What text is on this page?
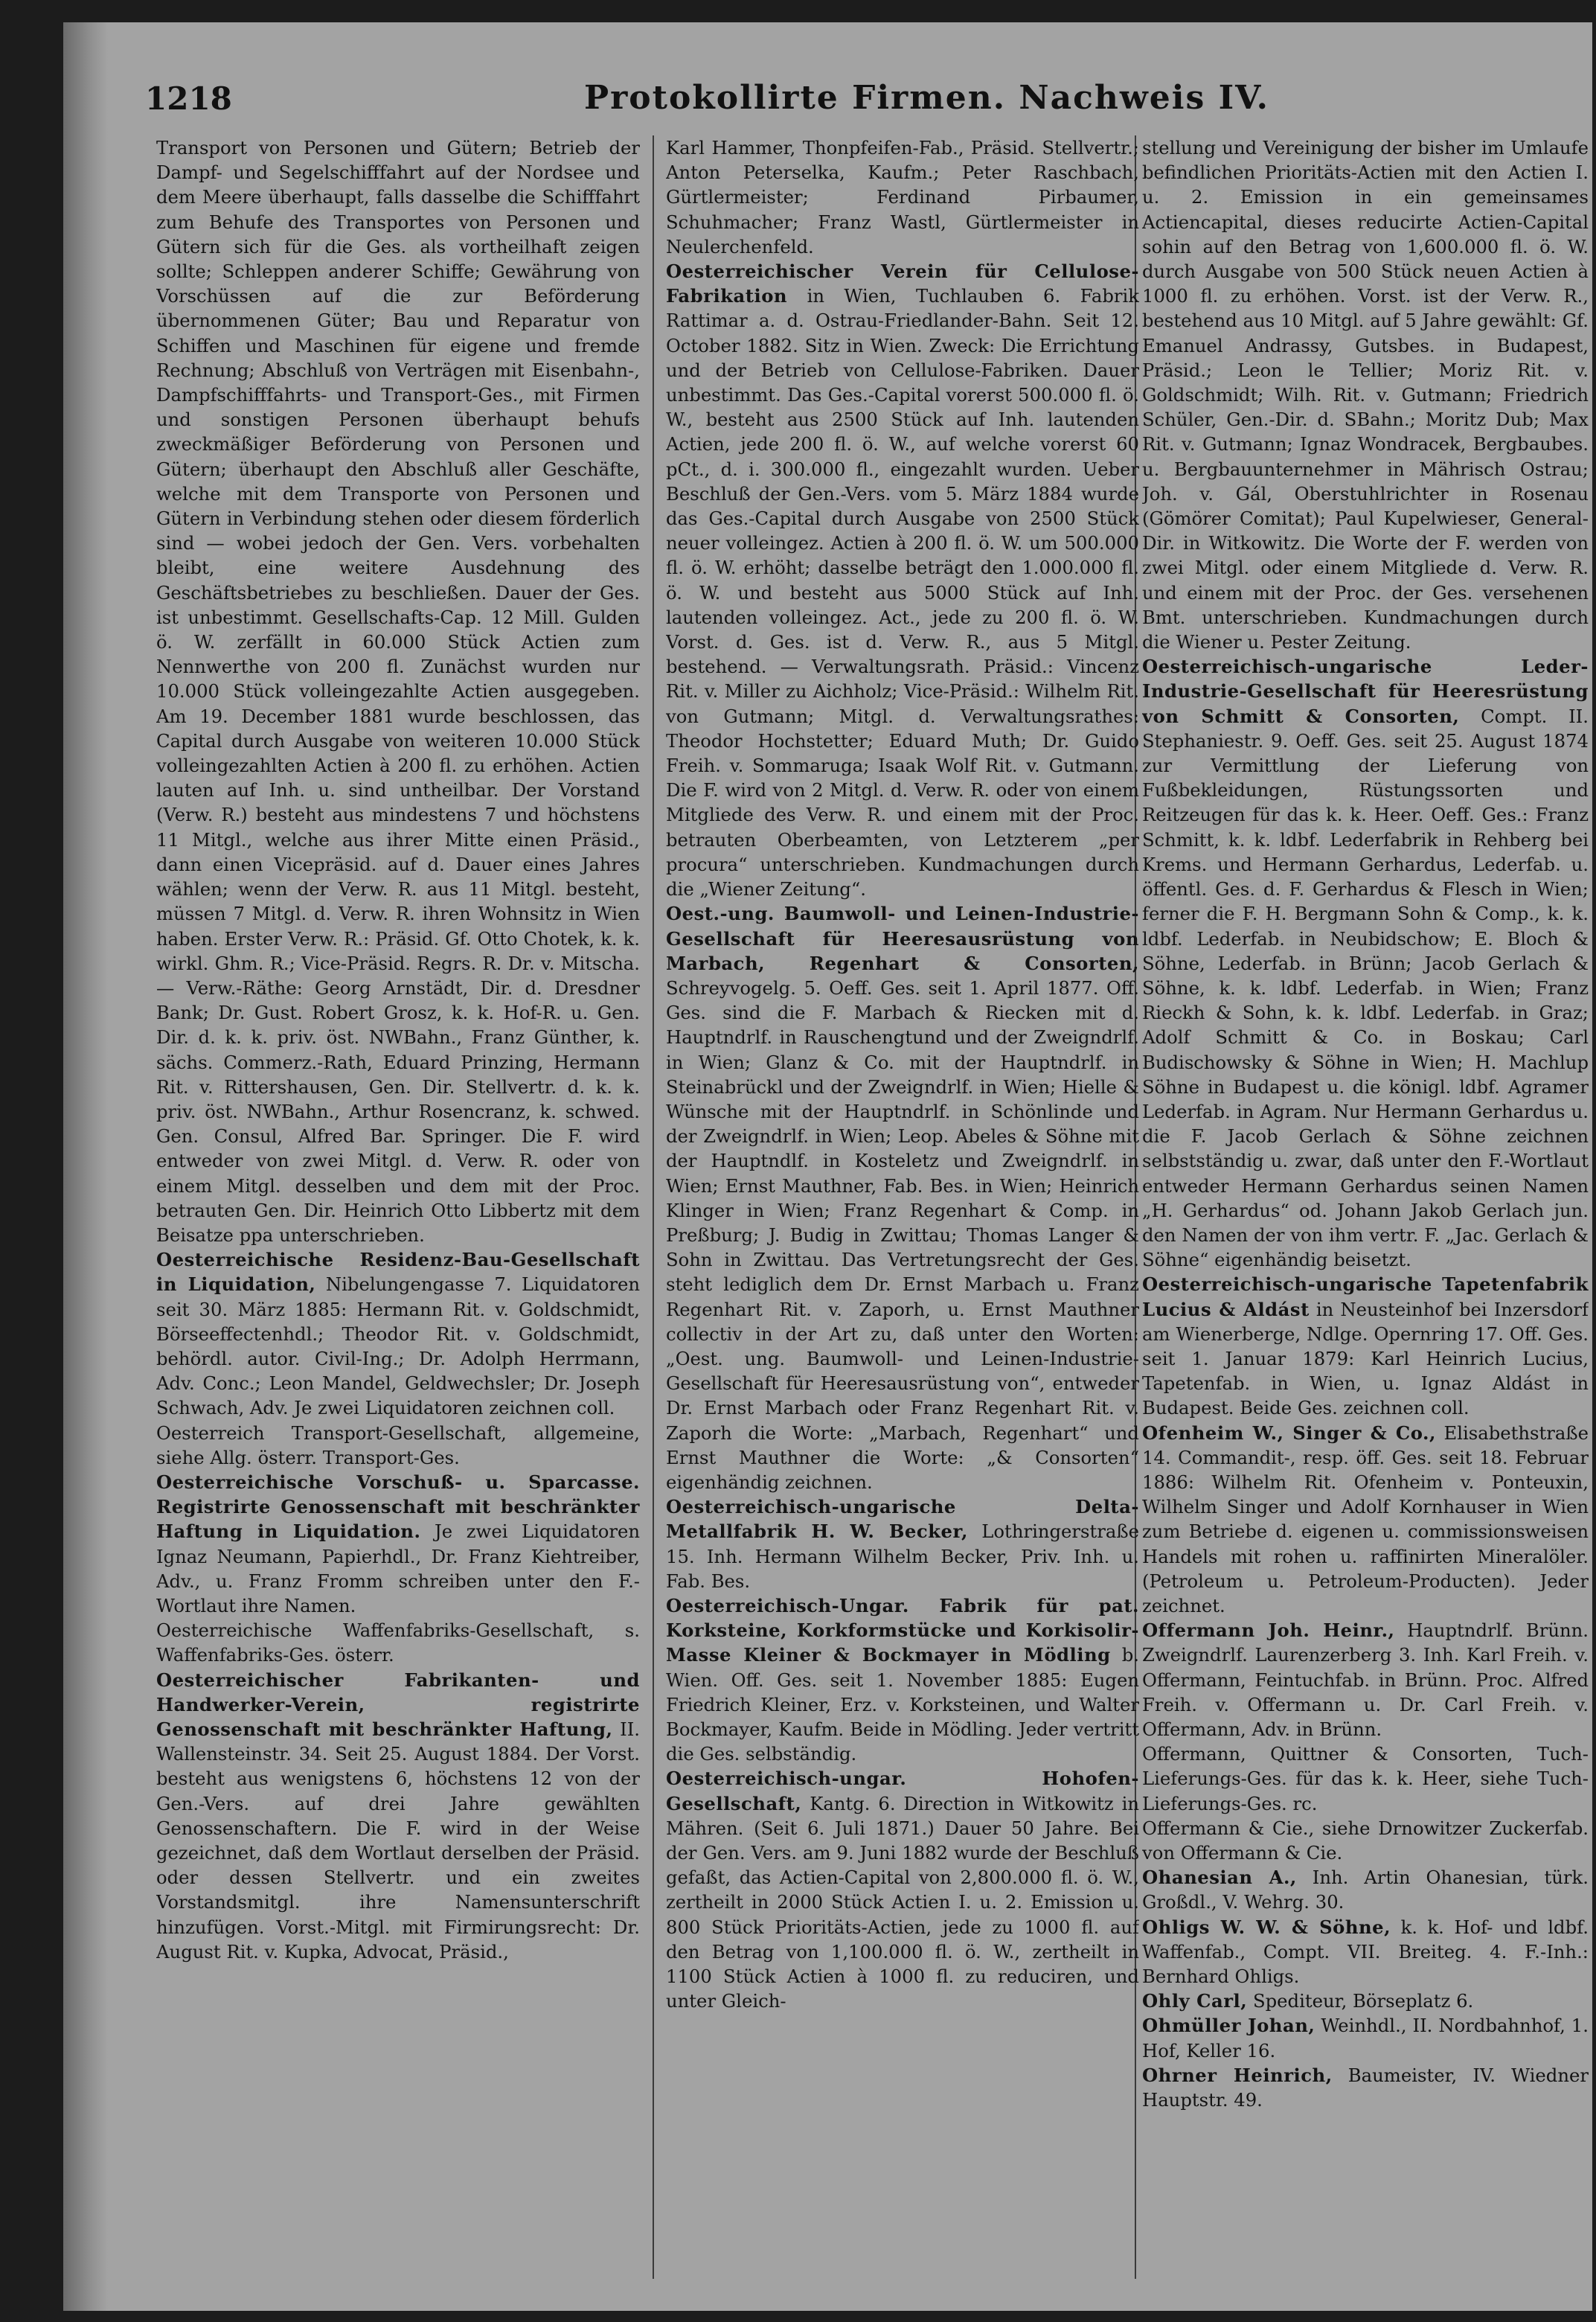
1218	Protokollirte Firmen. Nachweis IV.

Transport von Personen und Gütern; Betrieb der Dampf- und Segelschifffahrt auf der Nordsee und dem Meere überhaupt, falls dasselbe die Schifffahrt zum Behufe des Transportes von Personen und Gütern sich für die Ges. als vortheilhaft zeigen sollte; Schleppen anderer Schiffe; Gewährung von Vorschüssen auf die zur Beförderung übernommenen Güter; Bau und Reparatur von Schiffen und Maschinen für eigene und fremde Rechnung; Abschluß von Verträgen mit Eisenbahn-, Dampfschifffahrts- und Transport-Ges., mit Firmen und sonstigen Personen überhaupt behufs zweckmäßiger Beförderung von Personen und Gütern; überhaupt den Abschluß aller Geschäfte, welche mit dem Transporte von Personen und Gütern in Verbindung stehen oder diesem förderlich sind — wobei jedoch der Gen. Vers. vorbehalten bleibt, eine weitere Ausdehnung des Geschäftsbetriebes zu beschließen. Dauer der Ges. ist unbestimmt. Gesellschafts-Cap. 12 Mill. Gulden ö. W. zerfällt in 60.000 Stück Actien zum Nennwerthe von 200 fl. Zunächst wurden nur 10.000 Stück volleingezahlte Actien ausgegeben. Am 19. December 1881 wurde beschlossen, das Capital durch Ausgabe von weiteren 10.000 Stück volleingezahlten Actien à 200 fl. zu erhöhen. Actien lauten auf Inh. u. sind untheilbar. Der Vorstand (Verw. R.) besteht aus mindestens 7 und höchstens 11 Mitgl., welche aus ihrer Mitte einen Präsid., dann einen Vicepräsid. auf d. Dauer eines Jahres wählen; wenn der Verw. R. aus 11 Mitgl. besteht, müssen 7 Mitgl. d. Verw. R. ihren Wohnsitz in Wien haben. Erster Verw. R.: Präsid. Gf. Otto Chotek, k. k. wirkl. Ghm. R.; Vice-Präsid. Regrs. R. Dr. v. Mitscha. — Verw.-Räthe: Georg Arnstädt, Dir. d. Dresdner Bank; Dr. Gust. Robert Grosz, k. k. Hof-R. u. Gen. Dir. d. k. k. priv. öst. NWBahn., Franz Günther, k. sächs. Commerz.-Rath, Eduard Prinzing, Hermann Rit. v. Rittershausen, Gen. Dir. Stellvertr. d. k. k. priv. öst. NWBahn., Arthur Rosencranz, k. schwed. Gen. Consul, Alfred Bar. Springer. Die F. wird entweder von zwei Mitgl. d. Verw. R. oder von einem Mitgl. desselben und dem mit der Proc. betrauten Gen. Dir. Heinrich Otto Libbertz mit dem Beisatze ppa unterschrieben.

Oesterreichische Residenz-Bau-Gesellschaft in Liquidation, Nibelungengasse 7. Liquidatoren seit 30. März 1885: Hermann Rit. v. Goldschmidt, Börseeffectenhdl.; Theodor Rit. v. Goldschmidt, behördl. autor. Civil-Ing.; Dr. Adolph Herrmann, Adv. Conc.; Leon Mandel, Geldwechsler; Dr. Joseph Schwach, Adv. Je zwei Liquidatoren zeichnen coll.

Oesterreich Transport-Gesellschaft, allgemeine, siehe Allg. österr. Transport-Ges.

Oesterreichische Vorschuß- u. Sparcasse. Registrirte Genossenschaft mit beschränkter Haftung in Liquidation. Je zwei Liquidatoren Ignaz Neumann, Papierhdl., Dr. Franz Kiehtreiber, Adv., u. Franz Fromm schreiben unter den F.-Wortlaut ihre Namen.

Oesterreichische Waffenfabriks-Gesellschaft, s. Waffenfabriks-Ges. österr.

Oesterreichischer Fabrikanten- und Handwerker-Verein, registrirte Genossenschaft mit beschränkter Haftung, II. Wallensteinstr. 34. Seit 25. August 1884. Der Vorst. besteht aus wenigstens 6, höchstens 12 von der Gen.-Vers. auf drei Jahre gewählten Genossenschaftern. Die F. wird in der Weise gezeichnet, daß dem Wortlaut derselben der Präsid. oder dessen Stellvertr. und ein zweites Vorstandsmitgl. ihre Namensunterschrift hinzufügen. Vorst.-Mitgl. mit Firmirungsrecht: Dr. August Rit. v. Kupka, Advocat, Präsid.,

Karl Hammer, Thonpfeifen-Fab., Präsid. Stellvertr.; Anton Peterselka, Kaufm.; Peter Raschbach, Gürtlermeister; Ferdinand Pirbaumer, Schuhmacher; Franz Wastl, Gürtlermeister in Neulerchenfeld.

Oesterreichischer Verein für Cellulose-Fabrikation in Wien, Tuchlauben 6. Fabrik Rattimar a. d. Ostrau-Friedlander-Bahn. Seit 12. October 1882. Sitz in Wien. Zweck: Die Errichtung und der Betrieb von Cellulose-Fabriken. Dauer unbestimmt. Das Ges.-Capital vorerst 500.000 fl. ö. W., besteht aus 2500 Stück auf Inh. lautenden Actien, jede 200 fl. ö. W., auf welche vorerst 60 pCt., d. i. 300.000 fl., eingezahlt wurden. Ueber Beschluß der Gen.-Vers. vom 5. März 1884 wurde das Ges.-Capital durch Ausgabe von 2500 Stück neuer volleingez. Actien à 200 fl. ö. W. um 500.000 fl. ö. W. erhöht; dasselbe beträgt den 1.000.000 fl. ö. W. und besteht aus 5000 Stück auf Inh. lautenden volleingez. Act., jede zu 200 fl. ö. W. Vorst. d. Ges. ist d. Verw. R., aus 5 Mitgl. bestehend. — Verwaltungsrath. Präsid.: Vincenz Rit. v. Miller zu Aichholz; Vice-Präsid.: Wilhelm Rit. von Gutmann; Mitgl. d. Verwaltungsrathes: Theodor Hochstetter; Eduard Muth; Dr. Guido Freih. v. Sommaruga; Isaak Wolf Rit. v. Gutmann. Die F. wird von 2 Mitgl. d. Verw. R. oder von einem Mitgliede des Verw. R. und einem mit der Proc. betrauten Oberbeamten, von Letzterem „per procura“ unterschrieben. Kundmachungen durch die „Wiener Zeitung“.

Oest.-ung. Baumwoll- und Leinen-Industrie-Gesellschaft für Heeresausrüstung von Marbach, Regenhart & Consorten, Schreyvogelg. 5. Oeff. Ges. seit 1. April 1877. Off. Ges. sind die F. Marbach & Riecken mit d. Hauptndrlf. in Rauschengtund und der Zweigndrlf. in Wien; Glanz & Co. mit der Hauptndrlf. in Steinabrückl und der Zweigndrlf. in Wien; Hielle & Wünsche mit der Hauptndrlf. in Schönlinde und der Zweigndrlf. in Wien; Leop. Abeles & Söhne mit der Hauptndlf. in Kosteletz und Zweigndrlf. in Wien; Ernst Mauthner, Fab. Bes. in Wien; Heinrich Klinger in Wien; Franz Regenhart & Comp. in Preßburg; J. Budig in Zwittau; Thomas Langer & Sohn in Zwittau. Das Vertretungsrecht der Ges. steht lediglich dem Dr. Ernst Marbach u. Franz Regenhart Rit. v. Zaporh, u. Ernst Mauthner collectiv in der Art zu, daß unter den Worten: „Oest. ung. Baumwoll- und Leinen-Industrie-Gesellschaft für Heeresausrüstung von“, entweder Dr. Ernst Marbach oder Franz Regenhart Rit. v. Zaporh die Worte: „Marbach, Regenhart“ und Ernst Mauthner die Worte: „& Consorten“ eigenhändig zeichnen.

Oesterreichisch-ungarische Delta-Metallfabrik H. W. Becker, Lothringerstraße 15. Inh. Hermann Wilhelm Becker, Priv. Inh. u. Fab. Bes.

Oesterreichisch-Ungar. Fabrik für pat. Korksteine, Korkformstücke und Korkisolir-Masse Kleiner & Bockmayer in Mödling b. Wien. Off. Ges. seit 1. November 1885: Eugen Friedrich Kleiner, Erz. v. Korksteinen, und Walter Bockmayer, Kaufm. Beide in Mödling. Jeder vertritt die Ges. selbständig.

Oesterreichisch-ungar. Hohofen-Gesellschaft, Kantg. 6. Direction in Witkowitz in Mähren. (Seit 6. Juli 1871.) Dauer 50 Jahre. Bei der Gen. Vers. am 9. Juni 1882 wurde der Beschluß gefaßt, das Actien-Capital von 2,800.000 fl. ö. W., zertheilt in 2000 Stück Actien I. u. 2. Emission u. 800 Stück Prioritäts-Actien, jede zu 1000 fl. auf den Betrag von 1,100.000 fl. ö. W., zertheilt in 1100 Stück Actien à 1000 fl. zu reduciren, und unter Gleich-

stellung und Vereinigung der bisher im Umlaufe befindlichen Prioritäts-Actien mit den Actien I. u. 2. Emission in ein gemeinsames Actiencapital, dieses reducirte Actien-Capital sohin auf den Betrag von 1,600.000 fl. ö. W. durch Ausgabe von 500 Stück neuen Actien à 1000 fl. zu erhöhen. Vorst. ist der Verw. R., bestehend aus 10 Mitgl. auf 5 Jahre gewählt: Gf. Emanuel Andrassy, Gutsbes. in Budapest, Präsid.; Leon le Tellier; Moriz Rit. v. Goldschmidt; Wilh. Rit. v. Gutmann; Friedrich Schüler, Gen.-Dir. d. SBahn.; Moritz Dub; Max Rit. v. Gutmann; Ignaz Wondracek, Bergbaubes. u. Bergbauunternehmer in Mährisch Ostrau; Joh. v. Gál, Oberstuhlrichter in Rosenau (Gömörer Comitat); Paul Kupelwieser, General-Dir. in Witkowitz. Die Worte der F. werden von zwei Mitgl. oder einem Mitgliede d. Verw. R. und einem mit der Proc. der Ges. versehenen Bmt. unterschrieben. Kundmachungen durch die Wiener u. Pester Zeitung.

Oesterreichisch-ungarische Leder-Industrie-Gesellschaft für Heeresrüstung von Schmitt & Consorten, Compt. II. Stephaniestr. 9. Oeff. Ges. seit 25. August 1874 zur Vermittlung der Lieferung von Fußbekleidungen, Rüstungssorten und Reitzeugen für das k. k. Heer. Oeff. Ges.: Franz Schmitt, k. k. ldbf. Lederfabrik in Rehberg bei Krems. und Hermann Gerhardus, Lederfab. u. öffentl. Ges. d. F. Gerhardus & Flesch in Wien; ferner die F. H. Bergmann Sohn & Comp., k. k. ldbf. Lederfab. in Neubidschow; E. Bloch & Söhne, Lederfab. in Brünn; Jacob Gerlach & Söhne, k. k. ldbf. Lederfab. in Wien; Franz Rieckh & Sohn, k. k. ldbf. Lederfab. in Graz; Adolf Schmitt & Co. in Boskau; Carl Budischowsky & Söhne in Wien; H. Machlup Söhne in Budapest u. die königl. ldbf. Agramer Lederfab. in Agram. Nur Hermann Gerhardus u. die F. Jacob Gerlach & Söhne zeichnen selbstständig u. zwar, daß unter den F.-Wortlaut entweder Hermann Gerhardus seinen Namen „H. Gerhardus“ od. Johann Jakob Gerlach jun. den Namen der von ihm vertr. F. „Jac. Gerlach & Söhne“ eigenhändig beisetzt.

Oesterreichisch-ungarische Tapetenfabrik Lucius & Aldást in Neusteinhof bei Inzersdorf am Wienerberge, Ndlge. Opernring 17. Off. Ges. seit 1. Januar 1879: Karl Heinrich Lucius, Tapetenfab. in Wien, u. Ignaz Aldást in Budapest. Beide Ges. zeichnen coll.

Ofenheim W., Singer & Co., Elisabethstraße 14. Commandit-, resp. öff. Ges. seit 18. Februar 1886: Wilhelm Rit. Ofenheim v. Ponteuxin, Wilhelm Singer und Adolf Kornhauser in Wien zum Betriebe d. eigenen u. commissionsweisen Handels mit rohen u. raffinirten Mineralöler. (Petroleum u. Petroleum-Producten). Jeder zeichnet.

Offermann Joh. Heinr., Hauptndrlf. Brünn. Zweigndrlf. Laurenzerberg 3. Inh. Karl Freih. v. Offermann, Feintuchfab. in Brünn. Proc. Alfred Freih. v. Offermann u. Dr. Carl Freih. v. Offermann, Adv. in Brünn.

Offermann, Quittner & Consorten, Tuch-Lieferungs-Ges. für das k. k. Heer, siehe Tuch-Lieferungs-Ges. rc.

Offermann & Cie., siehe Drnowitzer Zuckerfab. von Offermann & Cie.

Ohanesian A., Inh. Artin Ohanesian, türk. Großdl., V. Wehrg. 30.

Ohligs W. W. & Söhne, k. k. Hof- und ldbf. Waffenfab., Compt. VII. Breiteg. 4. F.-Inh.: Bernhard Ohligs.

Ohly Carl, Spediteur, Börseplatz 6.

Ohmüller Johan, Weinhdl., II. Nordbahnhof, 1. Hof, Keller 16.

Ohrner Heinrich, Baumeister, IV. Wiedner Hauptstr. 49.
